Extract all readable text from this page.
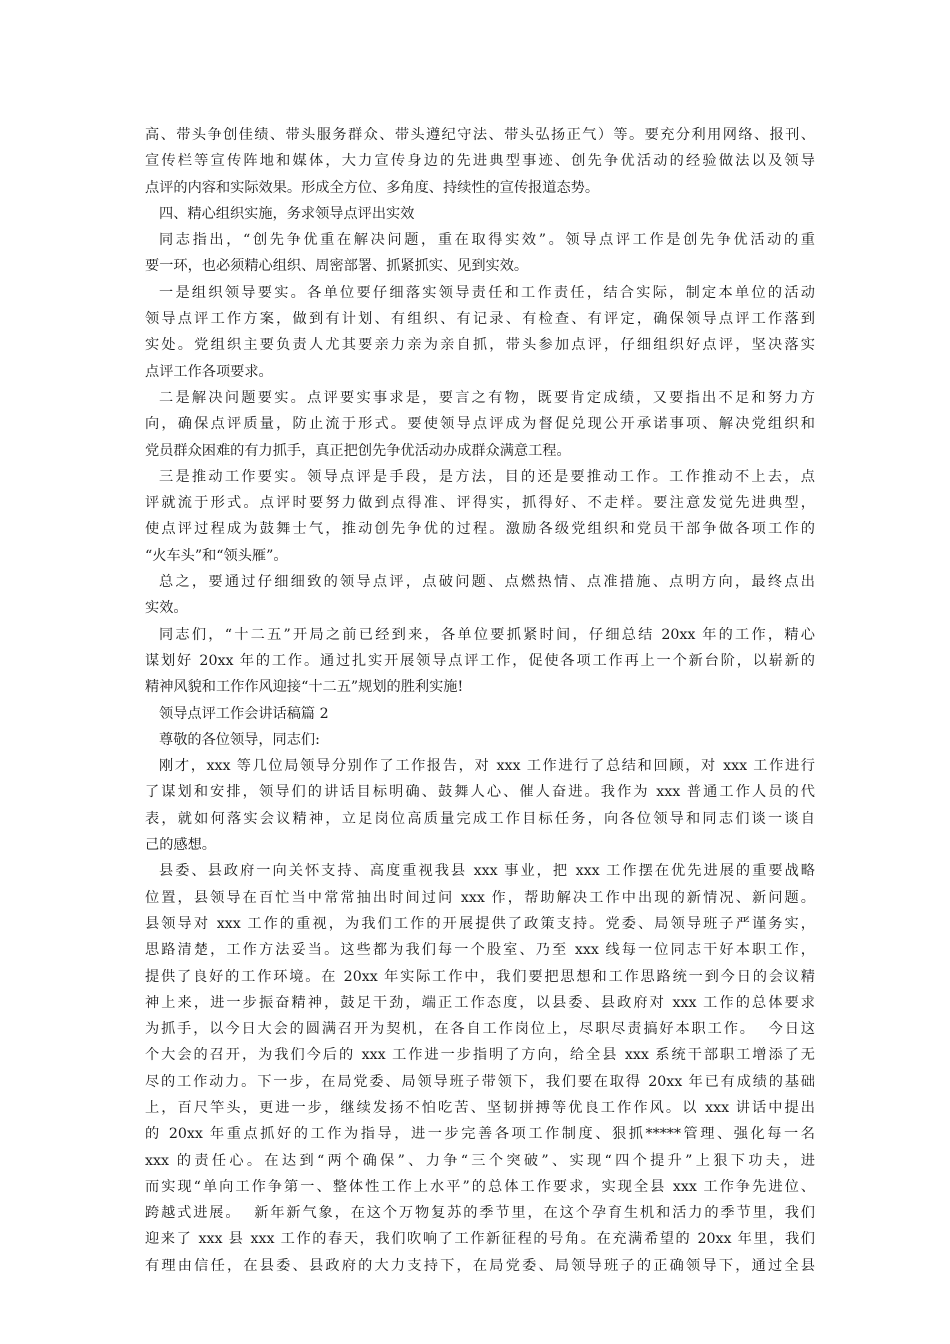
高、带头争创佳绩、带头服务群众、带头遵纪守法、带头弘扬正气）等。要充分利用网络、报刊、
宣传栏等宣传阵地和媒体，大力宣传身边的先进典型事迹、创先争优活动的经验做法以及领导
点评的内容和实际效果。形成全方位、多角度、持续性的宣传报道态势。
四、精心组织实施，务求领导点评出实效
同志指出，“创先争优重在解决问题，重在取得实效”。领导点评工作是创先争优活动的重
要一环，也必须精心组织、周密部署、抓紧抓实、见到实效。
一是组织领导要实。各单位要仔细落实领导责任和工作责任，结合实际，制定本单位的活动
领导点评工作方案，做到有计划、有组织、有记录、有检查、有评定，确保领导点评工作落到
实处。党组织主要负责人尤其要亲力亲为亲自抓，带头参加点评，仔细组织好点评，坚决落实
点评工作各项要求。
二是解决问题要实。点评要实事求是，要言之有物，既要肯定成绩，又要指出不足和努力方
向，确保点评质量，防止流于形式。要使领导点评成为督促兑现公开承诺事项、解决党组织和
党员群众困难的有力抓手，真正把创先争优活动办成群众满意工程。
三是推动工作要实。领导点评是手段，是方法，目的还是要推动工作。工作推动不上去，点
评就流于形式。点评时要努力做到点得准、评得实，抓得好、不走样。要注意发觉先进典型，
使点评过程成为鼓舞士气，推动创先争优的过程。激励各级党组织和党员干部争做各项工作的
“火车头”和“领头雁”。
总之，要通过仔细细致的领导点评，点破问题、点燃热情、点准措施、点明方向，最终点出
实效。
同志们，“十二五”开局之前已经到来，各单位要抓紧时间，仔细总结 20xx 年的工作，精心
谋划好 20xx 年的工作。通过扎实开展领导点评工作，促使各项工作再上一个新台阶，以崭新的
精神风貌和工作作风迎接“十二五”规划的胜利实施!
领导点评工作会讲话稿篇 2
尊敬的各位领导，同志们:
刚才，xxx 等几位局领导分别作了工作报告，对 xxx 工作进行了总结和回顾，对 xxx 工作进行
了谋划和安排，领导们的讲话目标明确、鼓舞人心、催人奋进。我作为 xxx 普通工作人员的代
表，就如何落实会议精神，立足岗位高质量完成工作目标任务，向各位领导和同志们谈一谈自
己的感想。
县委、县政府一向关怀支持、高度重视我县 xxx 事业，把 xxx 工作摆在优先进展的重要战略
位置，县领导在百忙当中常常抽出时间过问 xxx 作，帮助解决工作中出现的新情况、新问题。
县领导对 xxx 工作的重视，为我们工作的开展提供了政策支持。党委、局领导班子严谨务实，
思路清楚，工作方法妥当。这些都为我们每一个股室、乃至 xxx 线每一位同志干好本职工作，
提供了良好的工作环境。在 20xx 年实际工作中，我们要把思想和工作思路统一到今日的会议精
神上来，进一步振奋精神，鼓足干劲，端正工作态度，以县委、县政府对 xxx 工作的总体要求
为抓手，以今日大会的圆满召开为契机，在各自工作岗位上，尽职尽责搞好本职工作。  今日这
个大会的召开，为我们今后的 xxx 工作进一步指明了方向，给全县 xxx 系统干部职工增添了无
尽的工作动力。下一步，在局党委、局领导班子带领下，我们要在取得 20xx 年已有成绩的基础
上，百尺竿头，更进一步，继续发扬不怕吃苦、坚韧拼搏等优良工作作风。以 xxx 讲话中提出
的 20xx 年重点抓好的工作为指导，进一步完善各项工作制度、狠抓*****管理、强化每一名
xxx 的责任心。在达到“两个确保”、力争“三个突破”、实现“四个提升”上狠下功夫，进
而实现“单向工作争第一、整体性工作上水平”的总体工作要求，实现全县 xxx 工作争先进位、
跨越式进展。  新年新气象，在这个万物复苏的季节里，在这个孕育生机和活力的季节里，我们
迎来了 xxx 县 xxx 工作的春天，我们吹响了工作新征程的号角。在充满希望的 20xx 年里，我们
有理由信任，在县委、县政府的大力支持下，在局党委、局领导班子的正确领导下，通过全县
